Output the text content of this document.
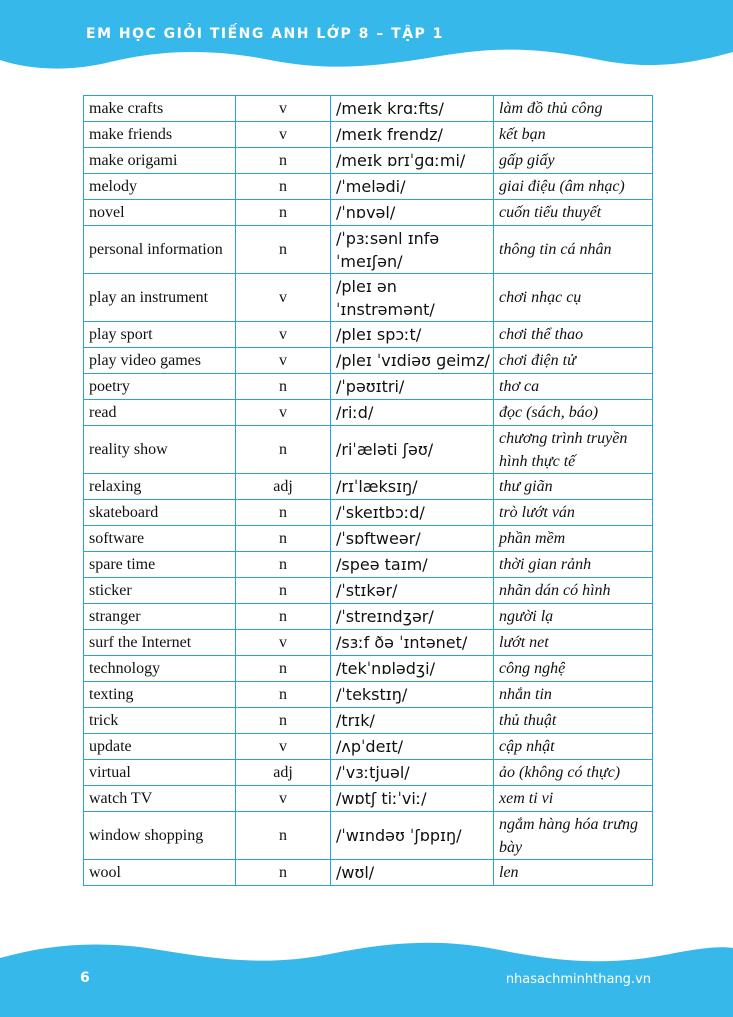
EM HỌC GIỎI TIẾNG ANH LỚP 8 – TẬP 1
make crafts	v	/meɪk krɑːfts/	làm đồ thủ công
make friends	v	/meɪk frendz/	kết bạn
make origami	n	/meɪk ɒrɪˈɡɑːmi/	gấp giấy
melody	n	/ˈmelədi/	giai điệu (âm nhạc)
novel	n	/ˈnɒvəl/	cuốn tiểu thuyết
personal information	n	/ˈpɜːsənl ɪnfəˈmeɪʃən/	thông tin cá nhân
play an instrument	v	/pleɪ ən ˈɪnstrəmənt/	chơi nhạc cụ
play sport	v	/pleɪ spɔːt/	chơi thể thao
play video games	v	/pleɪ ˈvɪdiəʊ ɡeimz/	chơi điện tử
poetry	n	/ˈpəʊɪtri/	thơ ca
read	v	/riːd/	đọc (sách, báo)
reality show	n	/riˈæləti ʃəʊ/	chương trình truyền hình thực tế
relaxing	adj	/rɪˈlæksɪŋ/	thư giãn
skateboard	n	/ˈskeɪtbɔːd/	trò lướt ván
software	n	/ˈsɒftweər/	phần mềm
spare time	n	/speə taɪm/	thời gian rảnh
sticker	n	/ˈstɪkər/	nhãn dán có hình
stranger	n	/ˈstreɪndʒər/	người lạ
surf the Internet	v	/sɜːf ðə ˈɪntənet/	lướt net
technology	n	/tekˈnɒlədʒi/	công nghệ
texting	n	/ˈtekstɪŋ/	nhắn tin
trick	n	/trɪk/	thủ thuật
update	v	/ʌpˈdeɪt/	cập nhật
virtual	adj	/ˈvɜːtjuəl/	ảo (không có thực)
watch TV	v	/wɒtʃ tiːˈviː/	xem ti vi
window shopping	n	/ˈwɪndəʊ ˈʃɒpɪŋ/	ngắm hàng hóa trưng bày
wool	n	/wʊl/	len
6	nhasachminhthang.vn
